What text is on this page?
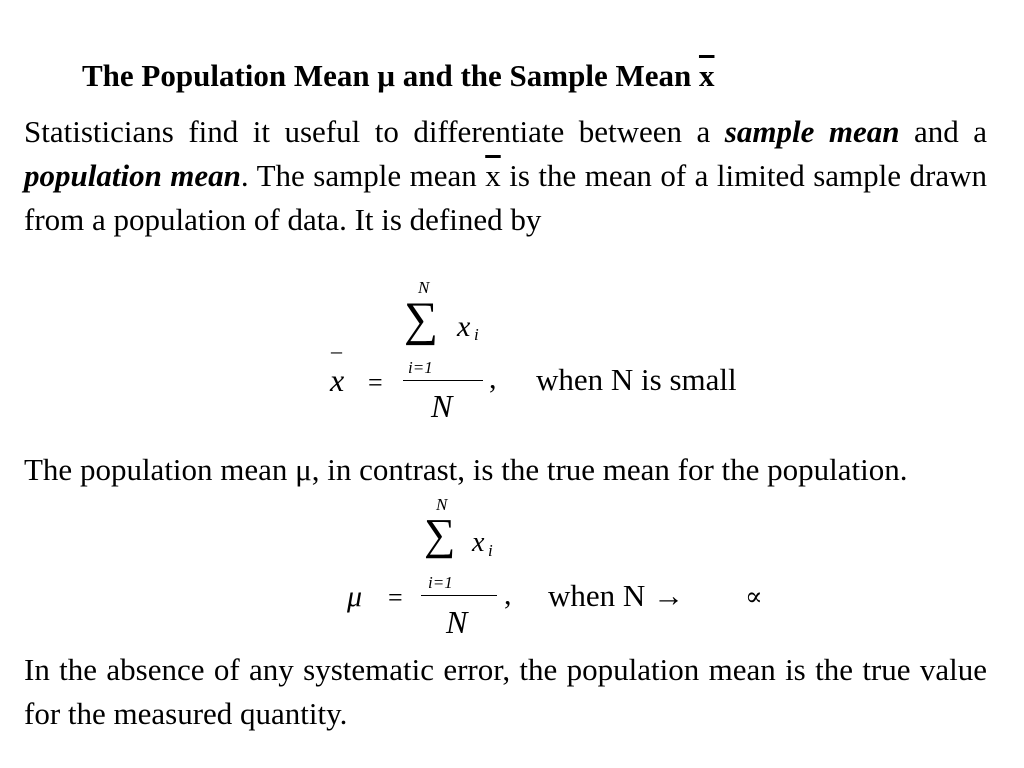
The Population Mean μ and the Sample Mean $\overline{x}$

Statisticians find it useful to differentiate between a sample mean and a population mean. The sample mean $\overline{x}$ is the mean of a limited sample drawn from a population of data. It is defined by

–
x =
N
∑ x i
i=1
N
, when N is small

The population mean μ, in contrast, is the true mean for the population.

μ =
N
∑ x i
i=1
N
, when N → ∝

In the absence of any systematic error, the population mean is the true value for the measured quantity.
